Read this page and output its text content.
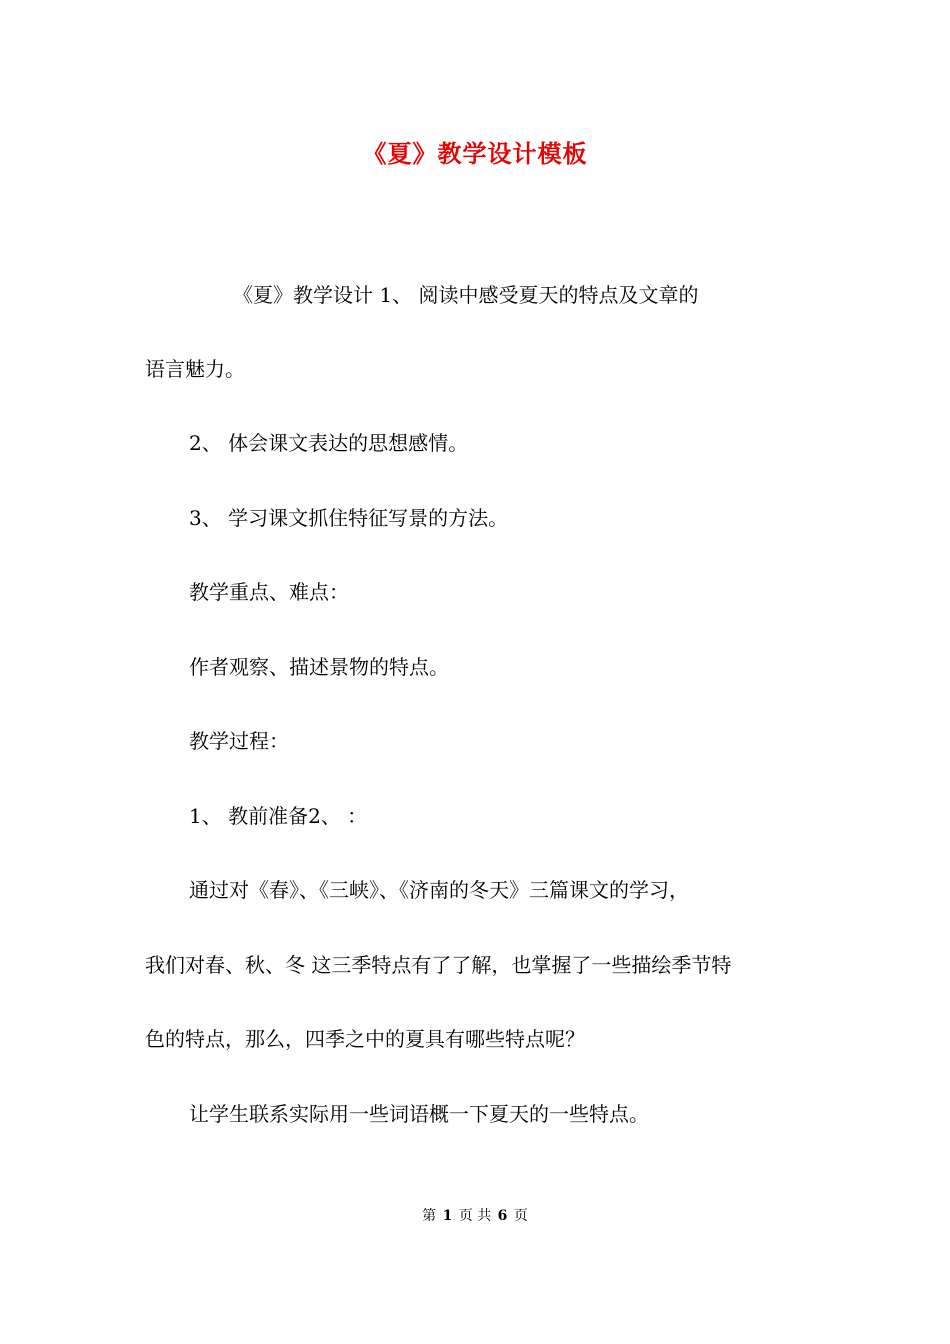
《夏》教学设计模板
《夏》教学设计 1、 阅读中感受夏天的特点及文章的
语言魅力。
2、 体会课文表达的思想感情。
3、 学习课文抓住特征写景的方法。
教学重点、难点：
作者观察、描述景物的特点。
教学过程：
1、 教前准备2、 ：
通过对《春》、《三峡》、《济南的冬天》三篇课文的学习，
我们对春、秋、冬 这三季特点有了了解，也掌握了一些描绘季节特
色的特点，那么，四季之中的夏具有哪些特点呢？
让学生联系实际用一些词语概一下夏天的一些特点。
第 1 页 共 6 页
